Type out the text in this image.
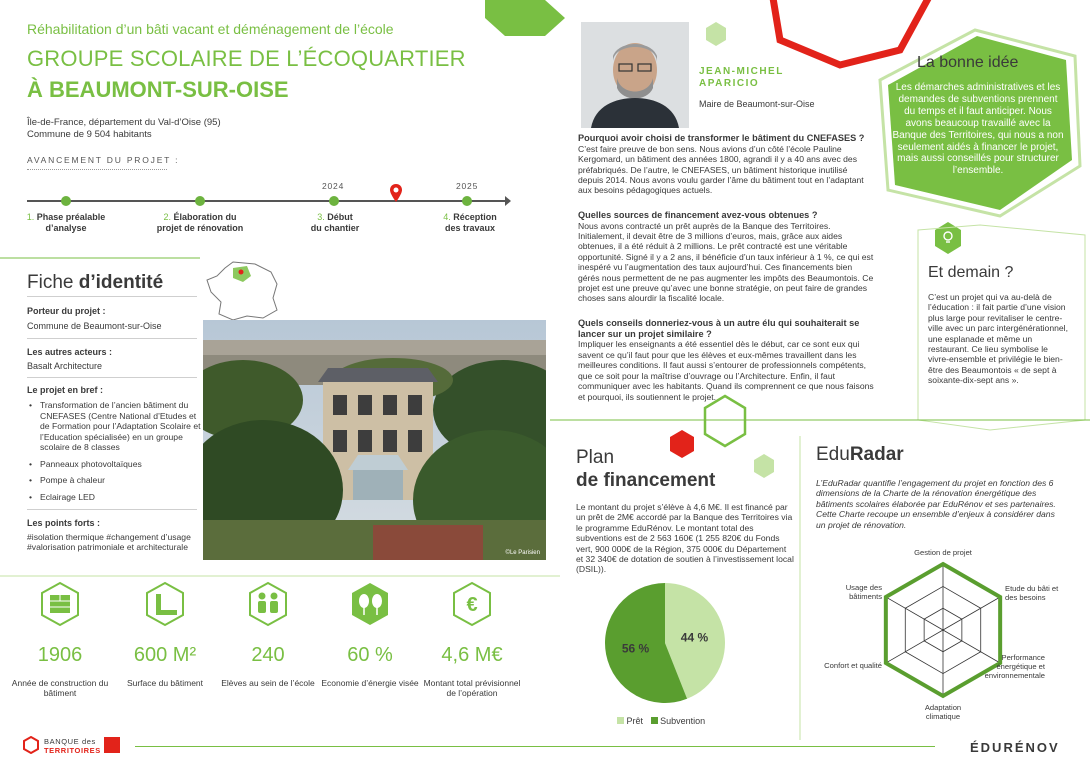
Réhabilitation d’un bâti vacant et déménagement de l’école
GROUPE SCOLAIRE DE L’ÉCOQUARTIER
À BEAUMONT-SUR-OISE
Île-de-France, département du Val-d’Oise (95)
Commune de 9 504 habitants
AVANCEMENT DU PROJET :
2024	2025
1. Phase préalable
d’analyse
2. Élaboration du
projet de rénovation
3. Début
du chantier
4. Réception
des travaux
Fiche d’identité
Porteur du projet :
Commune de Beaumont-sur-Oise
Les autres acteurs :
Basalt Architecture
Le projet en bref :
• Transformation de l’ancien bâtiment du CNEFASES (Centre National d’Etudes et de Formation pour l’Adaptation Scolaire et l’Education spécialisée) en un groupe scolaire de 8 classes
• Panneaux photovoltaïques
• Pompe à chaleur
• Eclairage LED
Les points forts :
#isolation thermique #changement d’usage #valorisation patrimoniale et architecturale
©Le Parisien
€
1906
Année de construction du bâtiment
600 M²
Surface du bâtiment
240
Elèves au sein de l’école
60 %
Economie d’énergie visée
4,6 M€
Montant total prévisionnel de l’opération
JEAN-MICHEL
APARICIO
Maire de Beaumont-sur-Oise
Pourquoi avoir choisi de transformer le bâtiment du CNEFASES ?
C’est faire preuve de bon sens. Nous avions d’un côté l’école Pauline Kergomard, un bâtiment des années 1800, agrandi il y a 40 ans avec des préfabriqués. De l’autre, le CNEFASES, un bâtiment historique inutilisé depuis 2014. Nous avons voulu garder l’âme du bâtiment tout en l’adaptant aux besoins pédagogiques actuels.
Quelles sources de financement avez-vous obtenues ?
Nous avons contracté un prêt auprès de la Banque des Territoires. Initialement, il devait être de 3 millions d’euros, mais, grâce aux aides obtenues, il a été réduit à 2 millions. Le prêt contracté est une véritable opportunité. Signé il y a 2 ans, il bénéficie d’un taux inférieur à 1 %, ce qui est inespéré vu l’augmentation des taux aujourd’hui. Ces financements bien gérés nous permettent de ne pas augmenter les impôts des Beaumontois. Ce projet est une preuve qu’avec une bonne stratégie, on peut faire de grandes choses sans alourdir la fiscalité locale.
Quels conseils donneriez-vous à un autre élu qui souhaiterait se lancer sur un projet similaire ?
Impliquer les enseignants a été essentiel dès le début, car ce sont eux qui savent ce qu’il faut pour que les élèves et eux-mêmes travaillent dans les meilleures conditions. Il faut aussi s’entourer de professionnels compétents, que ce soit pour la maîtrise d’ouvrage ou l’Architecture. Enfin, il faut communiquer avec les habitants. Quand ils comprennent ce que nous faisons et pourquoi, ils soutiennent le projet.
La bonne idée
Les démarches administratives et les demandes de subventions prennent du temps et il faut anticiper. Nous avons beaucoup travaillé avec la Banque des Territoires, qui nous a non seulement aidés à financer le projet, mais aussi conseillés pour structurer l’ensemble.
Et demain ?
C’est un projet qui va au-delà de l’éducation : il fait partie d’une vision plus large pour revitaliser le centre-ville avec un parc intergénérationnel, une esplanade et même un restaurant. Ce lieu symbolise le vivre-ensemble et privilégie le bien-être des Beaumontois « de sept à soixante-dix-sept ans ».
Plan
de financement
Le montant du projet s’élève à 4,6 M€. Il est financé par un prêt de 2M€ accordé par la Banque des Territoires via le programme EduRénov. Le montant total des subventions est de 2 563 160€ (1 255 820€ du Fonds vert, 900 000€ de la Région, 375 000€ du Département et 32 340€ de dotation de soutien à l’investissement local (DSIL)).
44 %
56 %
Prêt Subvention
EduRadar
L’EduRadar quantifie l’engagement du projet en fonction des 6 dimensions de la Charte de la rénovation énergétique des bâtiments scolaires élaborée par EduRénov et ses partenaires. Cette Charte recoupe un ensemble d’enjeux à considérer dans un projet de rénovation.
Gestion de projet
Etude du bâti et des besoins
Performance énergétique et environnementale
Adaptation climatique
Confort et qualité
Usage des bâtiments
BANQUE des
TERRITOIRES	ÉDURÉNOV
